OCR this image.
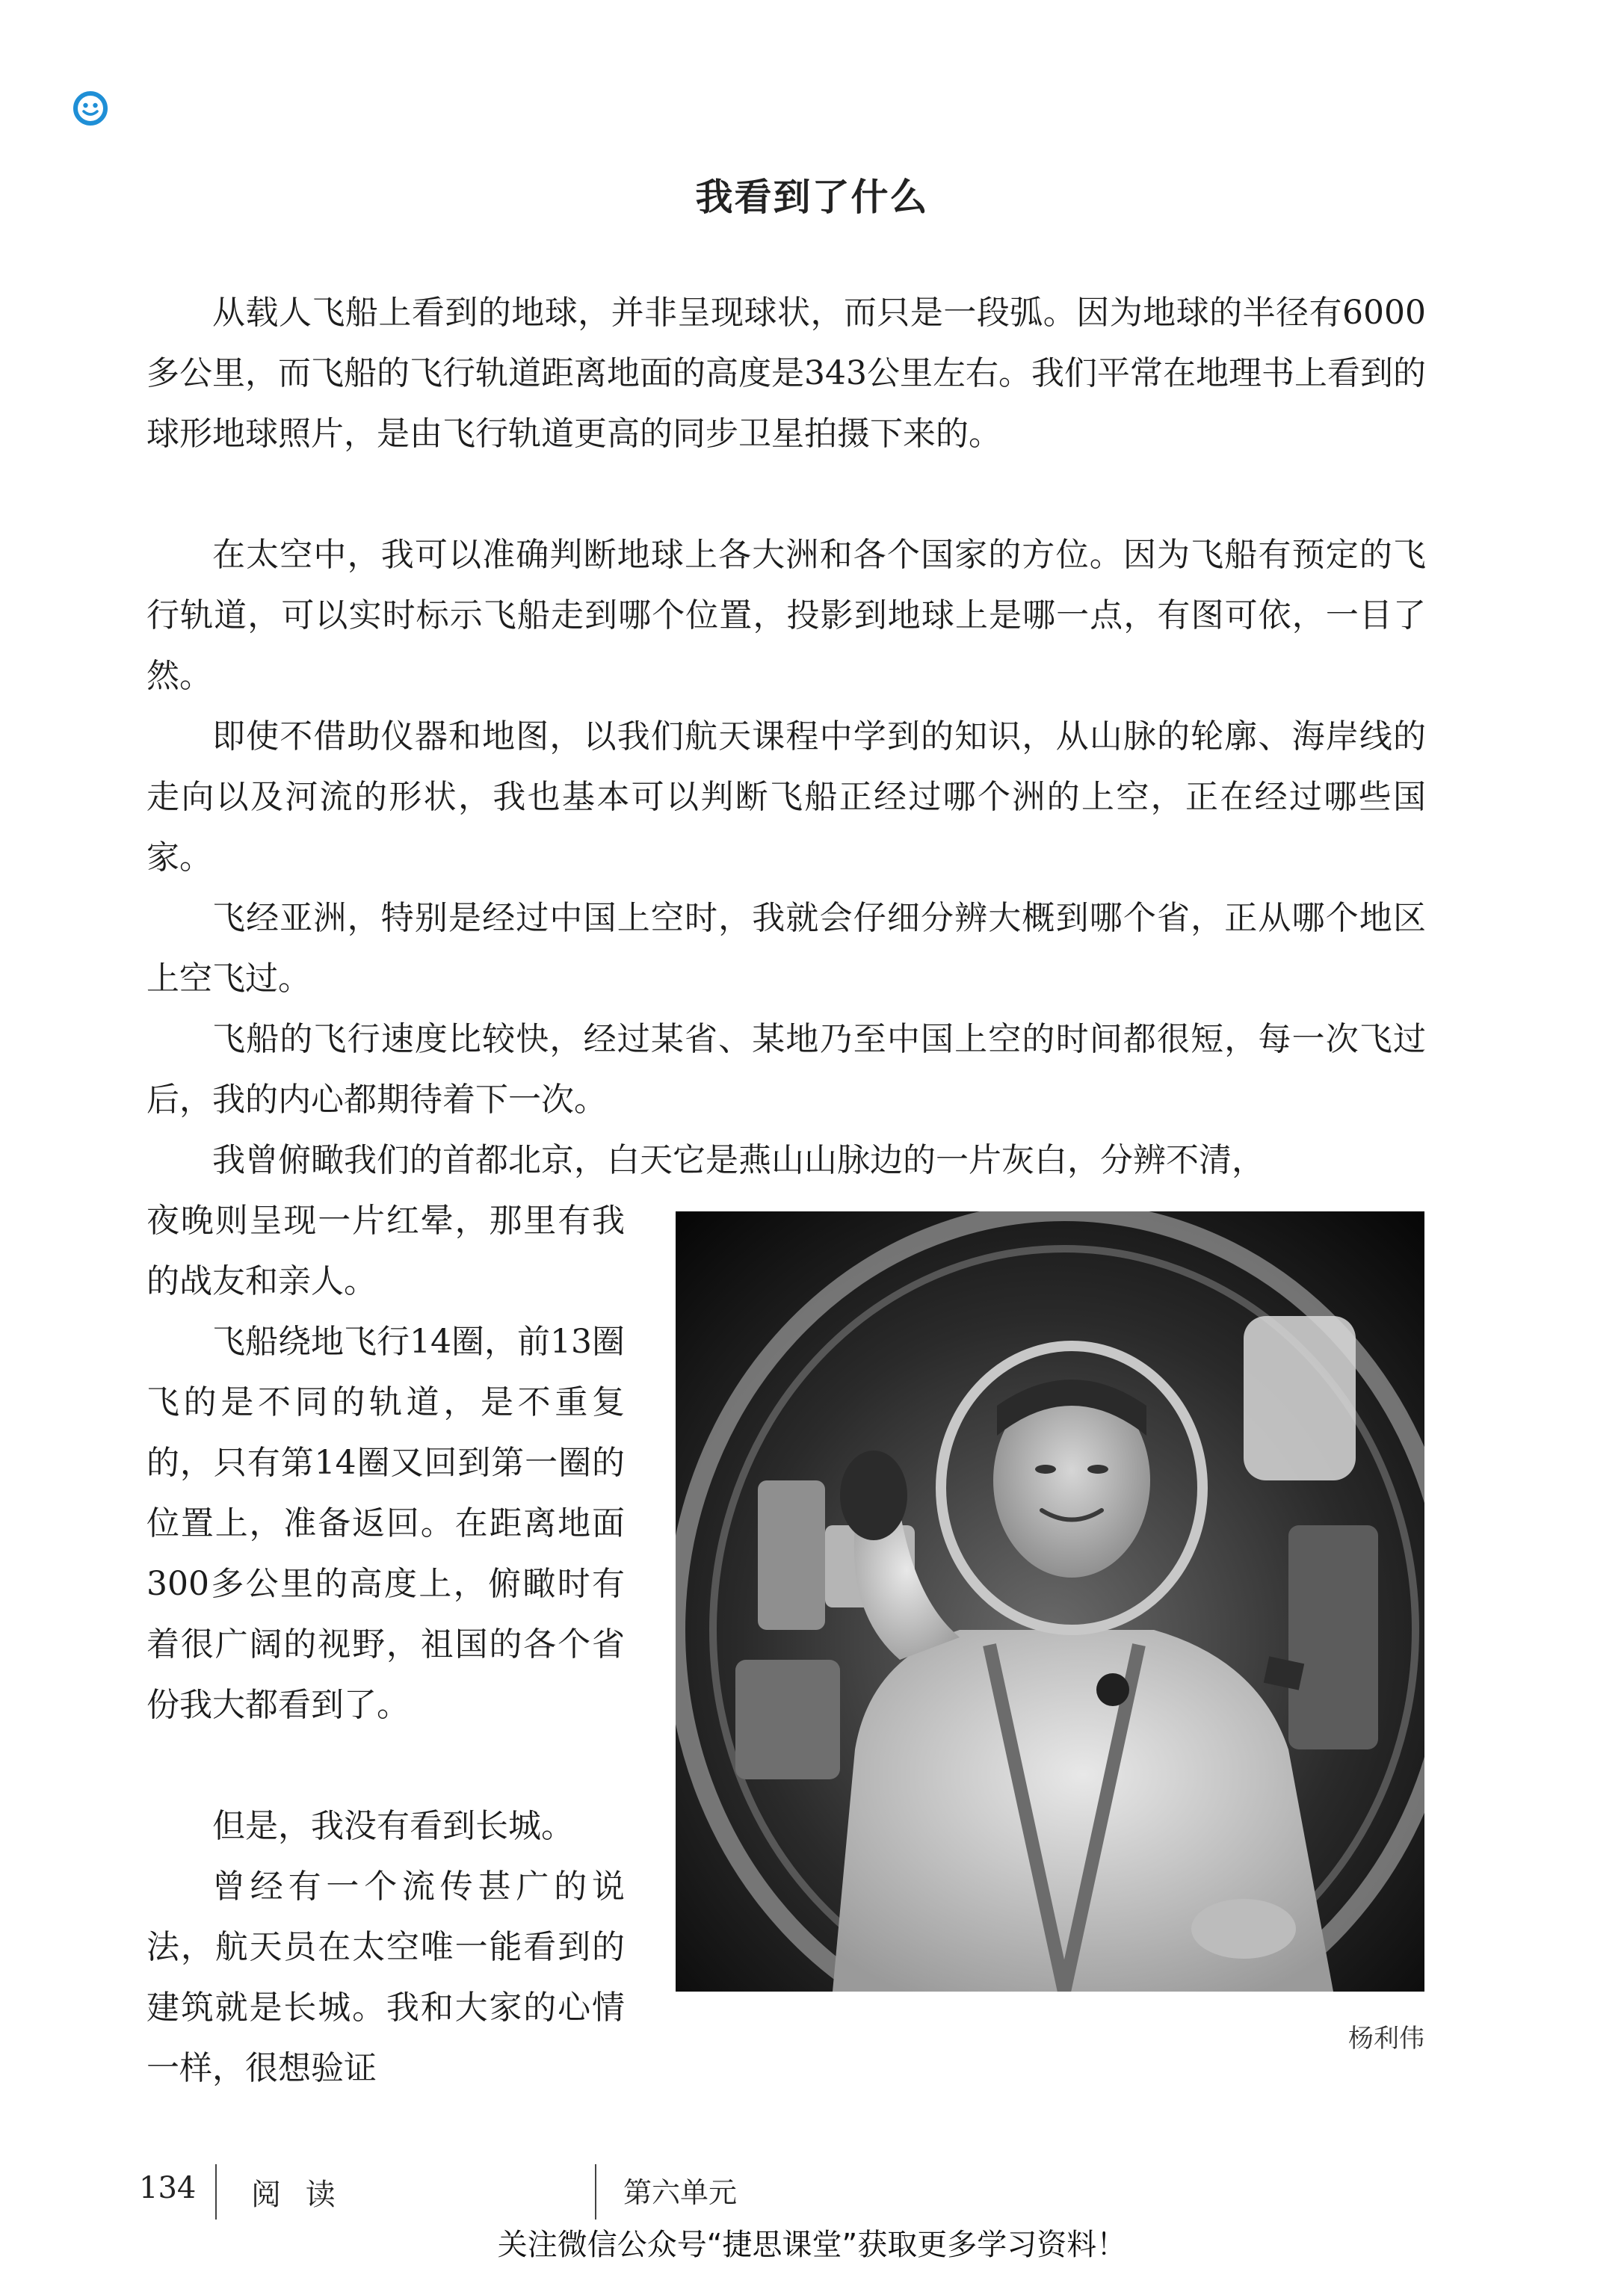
我看到了什么

从载人飞船上看到的地球，并非呈现球状，而只是一段弧。因为地球的半径有6000多公里，而飞船的飞行轨道距离地面的高度是343公里左右。我们平常在地理书上看到的球形地球照片，是由飞行轨道更高的同步卫星拍摄下来的。

在太空中，我可以准确判断地球上各大洲和各个国家的方位。因为飞船有预定的飞行轨道，可以实时标示飞船走到哪个位置，投影到地球上是哪一点，有图可依，一目了然。

即使不借助仪器和地图，以我们航天课程中学到的知识，从山脉的轮廓、海岸线的走向以及河流的形状，我也基本可以判断飞船正经过哪个洲的上空，正在经过哪些国家。

飞经亚洲，特别是经过中国上空时，我就会仔细分辨大概到哪个省，正从哪个地区上空飞过。

飞船的飞行速度比较快，经过某省、某地乃至中国上空的时间都很短，每一次飞过后，我的内心都期待着下一次。

我曾俯瞰我们的首都北京，白天它是燕山山脉边的一片灰白，分辨不清，

夜晚则呈现一片红晕，那里有我的战友和亲人。

飞船绕地飞行14圈，前13圈飞的是不同的轨道，是不重复的，只有第14圈又回到第一圈的位置上，准备返回。在距离地面300多公里的高度上，俯瞰时有着很广阔的视野，祖国的各个省份我大都看到了。

但是，我没有看到长城。

曾经有一个流传甚广的说法，航天员在太空唯一能看到的建筑就是长城。我和大家的心情一样，很想验证

杨利伟
134 阅 读	第六单元
关注微信公众号“捷思课堂”获取更多学习资料！
